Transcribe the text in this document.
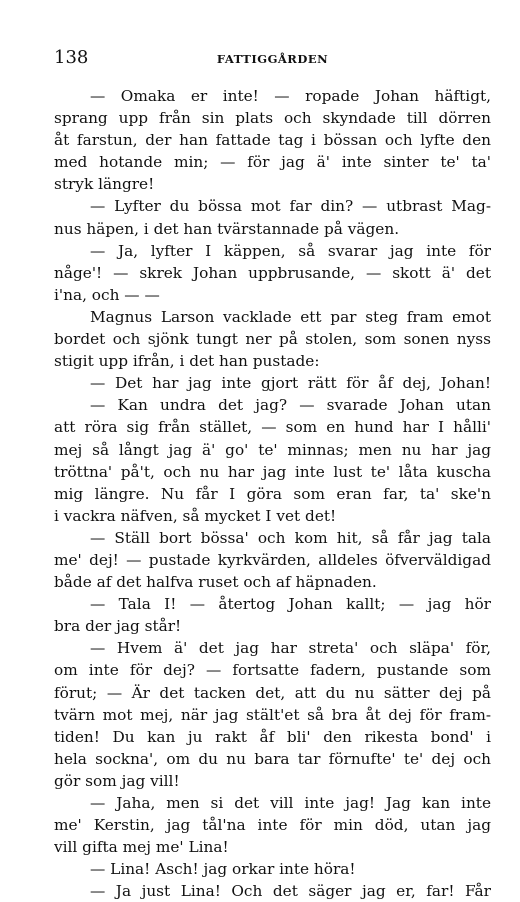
138	FATTIGGÅRDEN
— Omaka er inte! — ropade Johan häftigt,
sprang upp från sin plats och skyndade till dörren
åt farstun, der han fattade tag i bössan och lyfte den
med hotande min; — för jag ä' inte sinter te' ta'
stryk längre!
— Lyfter du bössa mot far din? — utbrast Mag-
nus häpen, i det han tvärstannade på vägen.
— Ja, lyfter I käppen, så svarar jag inte för
någe'! — skrek Johan uppbrusande, — skott ä' det
i'na, och — —
Magnus Larson vacklade ett par steg fram emot
bordet och sjönk tungt ner på stolen, som sonen nyss
stigit upp ifrån, i det han pustade:
— Det har jag inte gjort rätt för åf dej, Johan!
— Kan undra det jag? — svarade Johan utan
att röra sig från stället, — som en hund har I hålli'
mej så långt jag ä' go' te' minnas; men nu har jag
tröttna' på't, och nu har jag inte lust te' låta kuscha
mig längre. Nu får I göra som eran far, ta' ske'n
i vackra näfven, så mycket I vet det!
— Ställ bort bössa' och kom hit, så får jag tala
me' dej! — pustade kyrkvärden, alldeles öfverväldigad
både af det halfva ruset och af häpnaden.
— Tala I! — återtog Johan kallt; — jag hör
bra der jag står!
— Hvem ä' det jag har streta' och släpa' för,
om inte för dej? — fortsatte fadern, pustande som
förut; — Är det tacken det, att du nu sätter dej på
tvärn mot mej, när jag stält'et så bra åt dej för fram-
tiden! Du kan ju rakt åf bli' den rikesta bond' i
hela sockna', om du nu bara tar förnufte' te' dej och
gör som jag vill!
— Jaha, men si det vill inte jag! Jag kan inte
me' Kerstin, jag tål'na inte för min död, utan jag
vill gifta mej me' Lina!
— Lina! Asch! jag orkar inte höra!
— Ja just Lina! Och det säger jag er, far! Får
